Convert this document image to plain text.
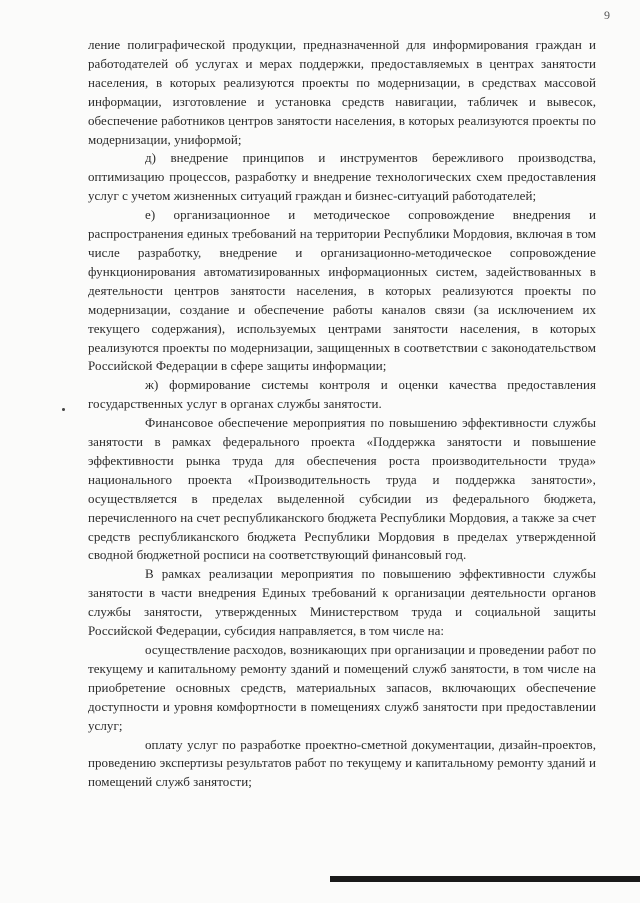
9

ление полиграфической продукции, предназначенной для информирования граждан и работодателей об услугах и мерах поддержки, предоставляемых в центрах занятости населения, в которых реализуются проекты по модернизации, в средствах массовой информации, изготовление и установка средств навигации, табличек и вывесок, обеспечение работников центров занятости населения, в которых реализуются проекты по модернизации, униформой;

д) внедрение принципов и инструментов бережливого производства, оптимизацию процессов, разработку и внедрение технологических схем предоставления услуг с учетом жизненных ситуаций граждан и бизнес-ситуаций работодателей;

е) организационное и методическое сопровождение внедрения и распространения единых требований на территории Республики Мордовия, включая в том числе разработку, внедрение и организационно-методическое сопровождение функционирования автоматизированных информационных систем, задействованных в деятельности центров занятости населения, в которых реализуются проекты по модернизации, создание и обеспечение работы каналов связи (за исключением их текущего содержания), используемых центрами занятости населения, в которых реализуются проекты по модернизации, защищенных в соответствии с законодательством Российской Федерации в сфере защиты информации;

ж) формирование системы контроля и оценки качества предоставления государственных услуг в органах службы занятости.

Финансовое обеспечение мероприятия по повышению эффективности службы занятости в рамках федерального проекта «Поддержка занятости и повышение эффективности рынка труда для обеспечения роста производительности труда» национального проекта «Производительность труда и поддержка занятости», осуществляется в пределах выделенной субсидии из федерального бюджета, перечисленного на счет республиканского бюджета Республики Мордовия, а также за счет средств республиканского бюджета Республики Мордовия в пределах утвержденной сводной бюджетной росписи на соответствующий финансовый год.

В рамках реализации мероприятия по повышению эффективности службы занятости в части внедрения Единых требований к организации деятельности органов службы занятости, утвержденных Министерством труда и социальной защиты Российской Федерации, субсидия направляется, в том числе на:

осуществление расходов, возникающих при организации и проведении работ по текущему и капитальному ремонту зданий и помещений служб занятости, в том числе на приобретение основных средств, материальных запасов, включающих обеспечение доступности и уровня комфортности в помещениях служб занятости при предоставлении услуг;

оплату услуг по разработке проектно-сметной документации, дизайн-проектов, проведению экспертизы результатов работ по текущему и капитальному ремонту зданий и помещений служб занятости;
